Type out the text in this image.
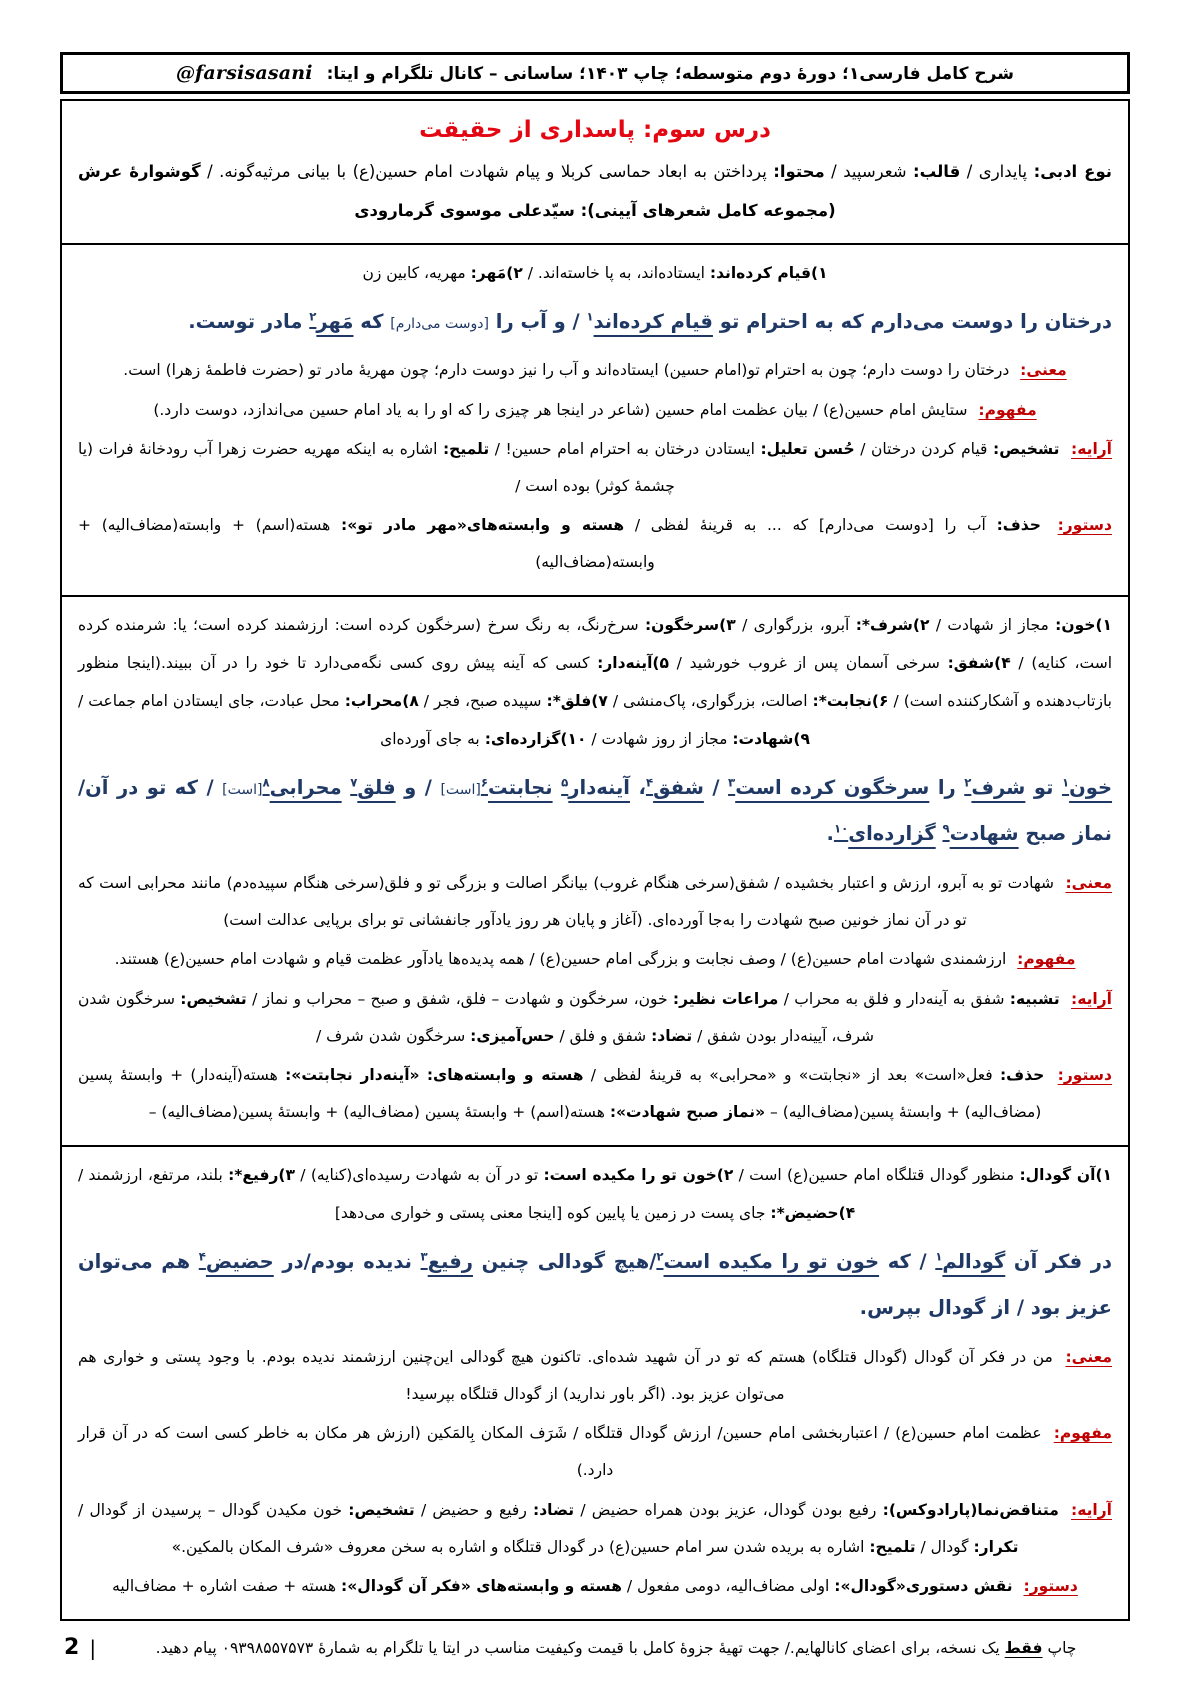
شرح کامل فارسی۱؛ دورهٔ دوم متوسطه؛ چاپ ۱۴۰۳؛ ساسانی – کانال تلگرام و ایتا: @farsisasani
درس سوم: پاسداری از حقیقت

نوع ادبی: پایداری / قالب: شعرسپید / محتوا: پرداختن به ابعاد حماسی کربلا و پیام شهادت امام حسین(ع) با بیانی مرثیه‌گونه. / گوشوارهٔ عرش (مجموعه کامل شعرهای آیینی): سیّدعلی موسوی گرمارودی

۱)قیام کرده‌اند: ایستاده‌اند، به پا خاسته‌اند. / ۲)مَهر: مهریه، کابین زن

درختان را دوست می‌دارم که به احترام تو قیام کرده‌اند$^۱$ / و آب را [دوست می‌دارم] که مَهر$^۲$ مادر توست.

معنی: درختان را دوست دارم؛ چون به احترام تو(امام حسین) ایستاده‌اند و آب را نیز دوست دارم؛ چون مهریهٔ مادر تو (حضرت فاطمهٔ زهرا) است.

مفهوم: ستایش امام حسین(ع) / بیان عظمت امام حسین (شاعر در اینجا هر چیزی را که او را به یاد امام حسین می‌اندازد، دوست دارد.)

آرایه: تشخیص: قیام کردن درختان / حُسن تعلیل: ایستادن درختان به احترام امام حسین! / تلمیح: اشاره به اینکه مهریه حضرت زهرا آب رودخانهٔ فرات (یا چشمهٔ کوثر) بوده است /

دستور: حذف: آب را [دوست می‌دارم] که ... به قرینهٔ لفظی / هسته و وابسته‌های«مهر مادر تو»: هسته(اسم) + وابسته(مضاف‌الیه) + وابسته(مضاف‌الیه)

۱)خون: مجاز از شهادت / ۲)شرف*: آبرو، بزرگواری / ۳)سرخگون: سرخ‌رنگ، به رنگ سرخ (سرخگون کرده است: ارزشمند کرده است؛ یا: شرمنده کرده است، کنایه) / ۴)شفق: سرخی آسمان پس از غروب خورشید / ۵)آینه‌دار: کسی که آینه پیش روی کسی نگه‌می‌دارد تا خود را در آن ببیند.(اینجا منظور بازتاب‌دهنده و آشکارکننده است) / ۶)نجابت*: اصالت، بزرگواری، پاک‌منشی / ۷)فلق*: سپیده صبح، فجر / ۸)محراب: محل عبادت، جای ایستادن امام جماعت / ۹)شهادت: مجاز از روز شهادت / ۱۰)گزارده‌ای: به جای آورده‌ای

خون$^۱$ تو شرف$^۲$ را سرخگون کرده است$^۳$ / شفق$^۴$، آینه‌دار$^۵$ نجابتت$^۶$[است] / و فلق$^۷$ محرابی$^۸$[است] / که تو در آن/ نماز صبح شهادت$^۹$ گزارده‌ای$^{۱۰}$.

معنی: شهادت تو به آبرو، ارزش و اعتبار بخشیده / شفق(سرخی هنگام غروب) بیانگر اصالت و بزرگی تو و فلق(سرخی هنگام سپیده‌دم) مانند محرابی است که تو در آن نماز خونین صبح شهادت را به‌جا آورده‌ای. (آغاز و پایان هر روز یادآور جانفشانی تو برای برپایی عدالت است)

مفهوم: ارزشمندی شهادت امام حسین(ع) / وصف نجابت و بزرگی امام حسین(ع) / همه پدیده‌ها یادآور عظمت قیام و شهادت امام حسین(ع) هستند.

آرایه: تشبیه: شفق به آینه‌دار و فلق به محراب / مراعات نظیر: خون، سرخگون و شهادت – فلق، شفق و صبح – محراب و نماز / تشخیص: سرخگون شدن شرف، آیینه‌دار بودن شفق / تضاد: شفق و فلق / حس‌آمیزی: سرخگون شدن شرف /

دستور: حذف: فعل«است» بعد از «نجابتت» و «محرابی» به قرینهٔ لفظی / هسته و وابسته‌های: «آینه‌دار نجابتت»: هسته(آینه‌دار) + وابستهٔ پسین (مضاف‌الیه) + وابستهٔ پسین(مضاف‌الیه) – «نماز صبح شهادت»: هسته(اسم) + وابستهٔ پسین (مضاف‌الیه) + وابستهٔ پسین(مضاف‌الیه) –

۱)آن گودال: منظور گودال قتلگاه امام حسین(ع) است / ۲)خون تو را مکیده است: تو در آن به شهادت رسیده‌ای(کنایه) / ۳)رفیع*: بلند، مرتفع، ارزشمند / ۴)حضیض*: جای پست در زمین یا پایین کوه [اینجا معنی پستی و خواری می‌دهد]

در فکر آن گودالم$^۱$ / که خون تو را مکیده است$^۲$/هیچ گودالی چنین رفیع$^۳$ ندیده بودم/در حضیض$^۴$ هم می‌توان عزیز بود / از گودال بپرس.

معنی: من در فکر آن گودال (گودال قتلگاه) هستم که تو در آن شهید شده‌ای. تاکنون هیچ گودالی این‌چنین ارزشمند ندیده بودم. با وجود پستی و خواری هم می‌توان عزیز بود. (اگر باور ندارید) از گودال قتلگاه بپرسید!

مفهوم: عظمت امام حسین(ع) / اعتباربخشی امام حسین/ ارزش گودال قتلگاه / شَرَف المکان بِالمَکین (ارزش هر مکان به خاطر کسی است که در آن قرار دارد.)

آرایه: متناقض‌نما(پارادوکس): رفیع بودن گودال، عزیز بودن همراه حضیض / تضاد: رفیع و حضیض / تشخیص: خون مکیدن گودال – پرسیدن از گودال / تکرار: گودال / تلمیح: اشاره به بریده شدن سر امام حسین(ع) در گودال قتلگاه و اشاره به سخن معروف «شرف المکان بالمکین.»

دستور: نقش دستوری«گودال»: اولی مضاف‌الیه، دومی مفعول / هسته و وابسته‌های «فکر آن گودال»: هسته + صفت اشاره + مضاف‌الیه

2 |	چاپ فقط یک نسخه، برای اعضای کانالهایم./ جهت تهیهٔ جزوهٔ کامل با قیمت وکیفیت مناسب در ایتا یا تلگرام به شمارهٔ ۰۹۳۹۸۵۵۷۵۷۳ پیام دهید.
